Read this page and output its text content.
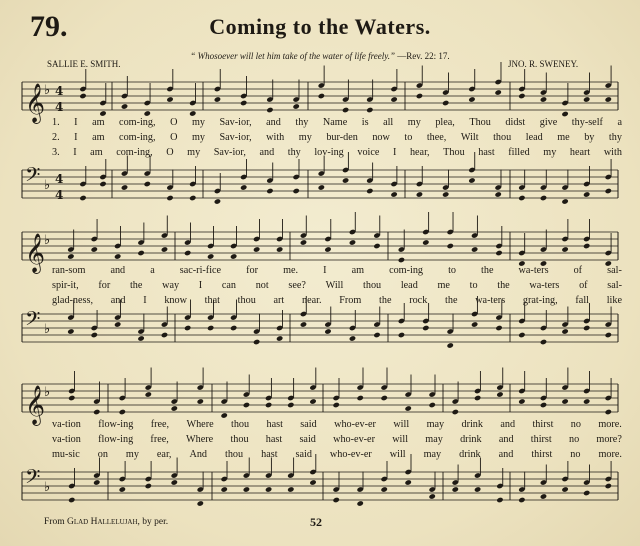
79.	Coming to the Waters.
“ Whosoever will let him take of the water of life freely.” —Rev. 22: 17.
SALLIE E. SMITH.	JNO. R. SWENEY.
𝄞
♭ 4
4
1. I am com-ing, O my Sav-ior, and thy Name is all my plea, Thou didst give thy-self a
2. I am com-ing, O my Sav-ior, with my bur-den now to thee, Wilt thou lead me by thy
3. I am com-ing, O my Sav-ior, and thy lov-ing voice I hear, Thou hast filled my heart with
𝄢 ♭ 4
4
𝄞
♭
ran-som and a sac-ri-fice for me. I am com-ing to the wa-ters of sal-
spir-it, for the way I can not see? Will thou lead me to the wa-ters of sal-
glad-ness, and I know that thou art near. From the rock the wa-ters grat-ing, fall like
𝄢 ♭
𝄞
♭
va-tion flow-ing free, Where thou hast said who-ev-er will may drink and thirst no more.
va-tion flow-ing free, Where thou hast said who-ev-er will may drink and thirst no more?
mu-sic on my ear, And thou hast said who-ev-er will may drink and thirst no more.
𝄢 ♭
From Glad Hallelujah, by per.	52
